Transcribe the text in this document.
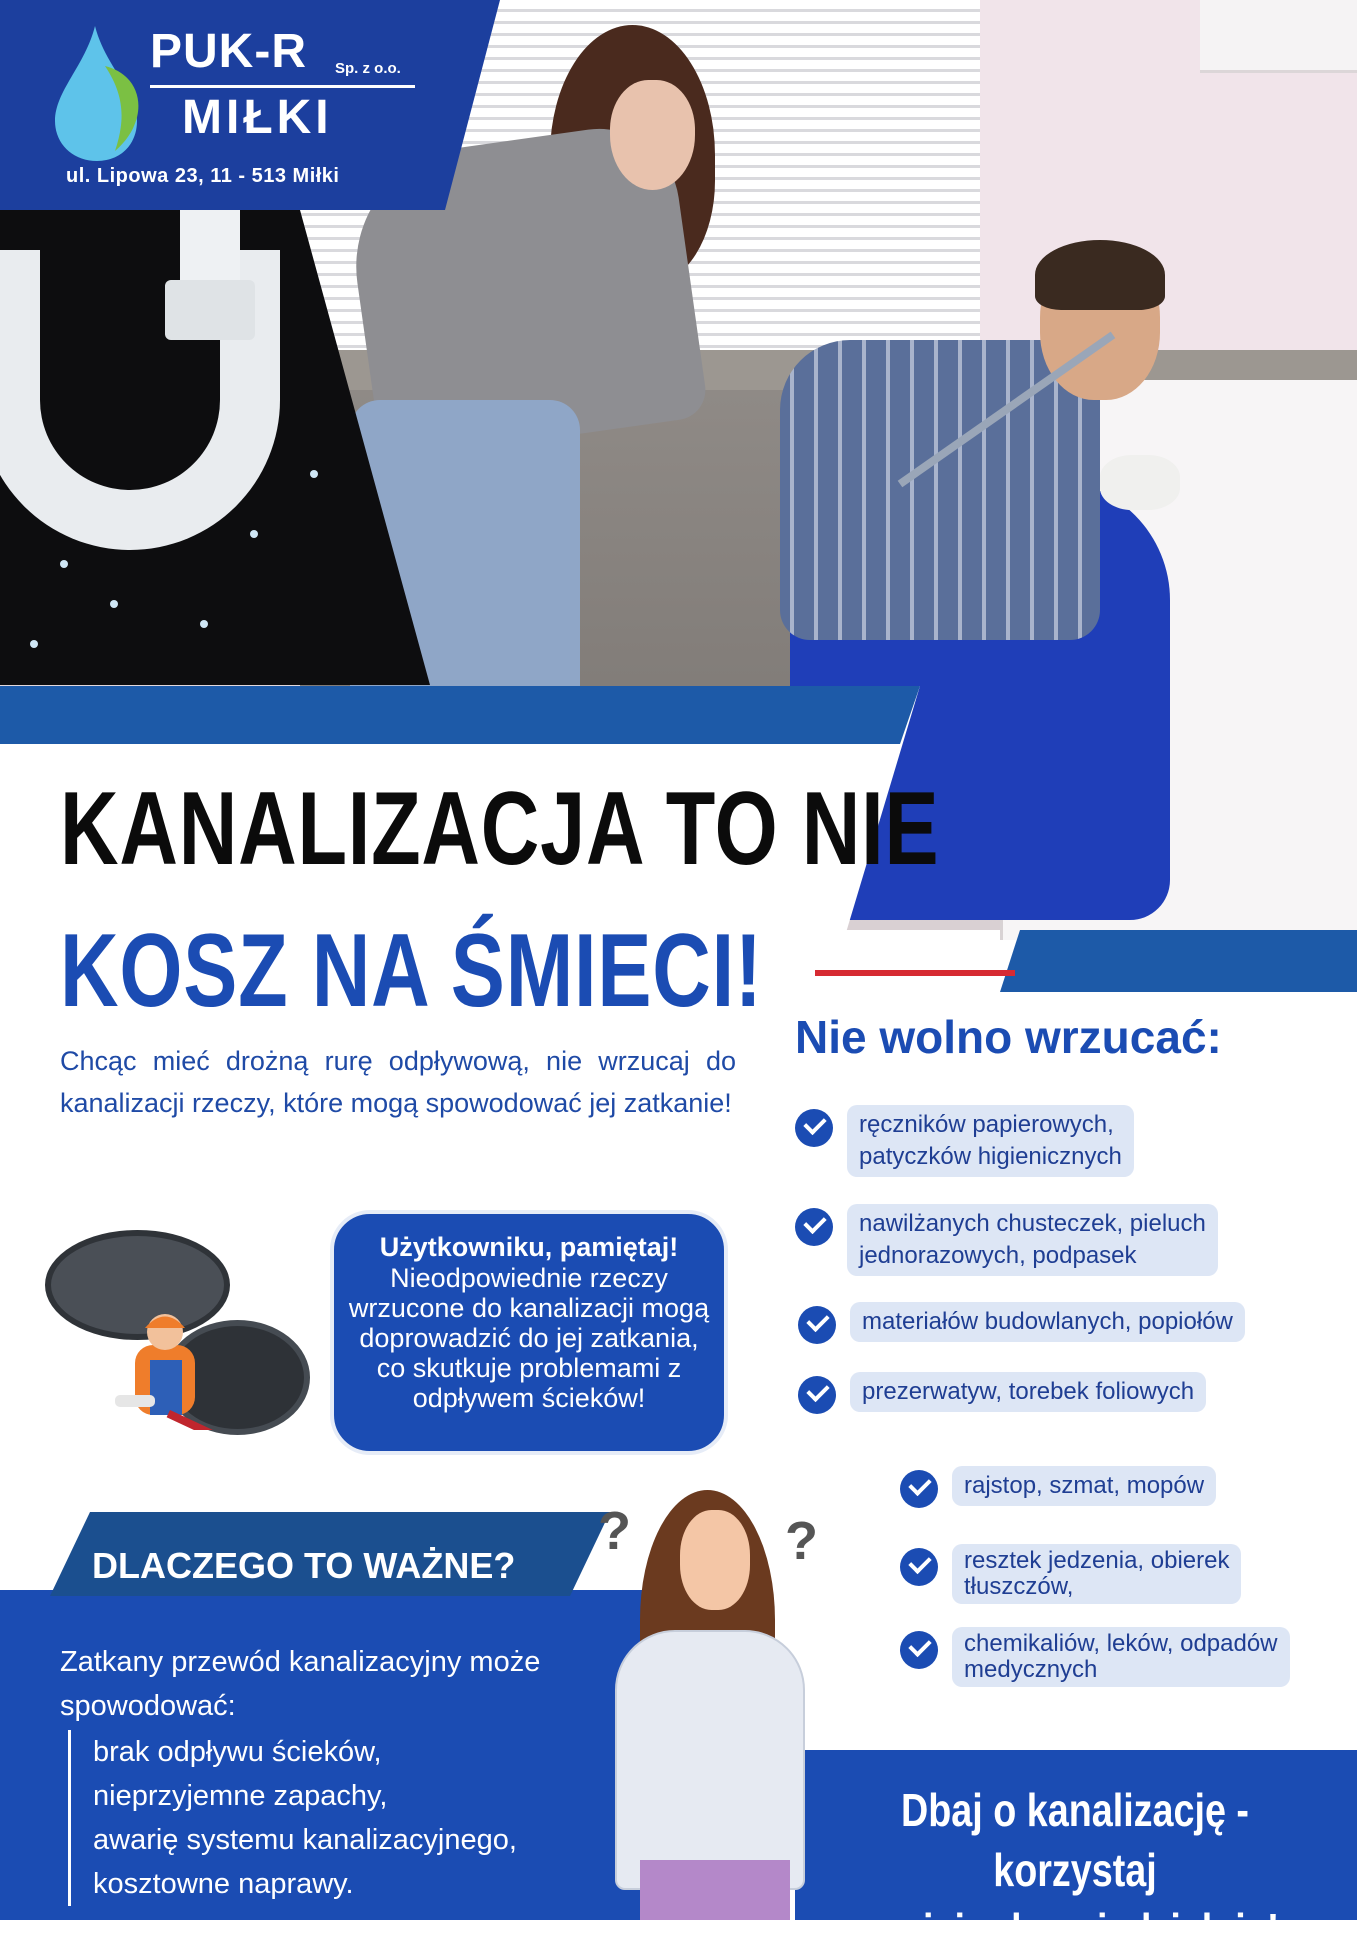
PUK-R Sp. z o.o.
MIŁKI
ul. Lipowa 23, 11 - 513 Miłki
KANALIZACJA TO NIE
KOSZ NA ŚMIECI!
Chcąc mieć drożną rurę odpływową, nie wrzucaj do kanalizacji rzeczy, które mogą spowodować jej zatkanie!
Użytkowniku, pamiętaj!
Nieodpowiednie rzeczy wrzucone do kanalizacji mogą doprowadzić do jej zatkania, co skutkuje problemami z odpływem ścieków!
Nie wolno wrzucać:
ręczników papierowych,
patyczków higienicznych
nawilżanych chusteczek, pieluch
jednorazowych, podpasek
materiałów budowlanych, popiołów
prezerwatyw, torebek foliowych
rajstop, szmat, mopów
resztek jedzenia, obierek
tłuszczów,
chemikaliów, leków, odpadów
medycznych
DLACZEGO TO WAŻNE?
Zatkany przewód kanalizacyjny może spowodować:
brak odpływu ścieków,
nieprzyjemne zapachy,
awarię systemu kanalizacyjnego,
kosztowne naprawy.
Dbaj o kanalizację - korzystaj
z niej odpowiedzialnie!
?	?
